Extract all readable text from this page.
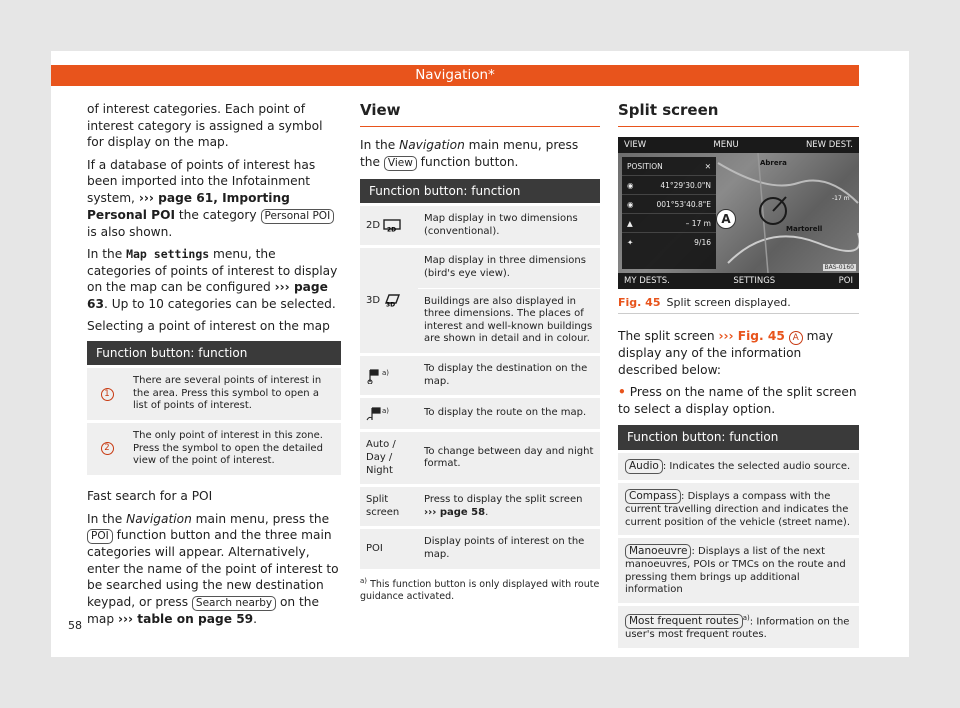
Navigation*

of interest categories. Each point of interest category is assigned a symbol for display on the map.

If a database of points of interest has been imported into the Infotainment system, ››› page 61, Importing Personal POI the category Personal POI is also shown.

In the Map settings menu, the categories of points of interest to display on the map can be configured ››› page 63. Up to 10 categories can be selected.

Selecting a point of interest on the map
Function button: function	
1	There are several points of interest in the area. Press this symbol to open a list of points of interest.
2	The only point of interest in this zone. Press the symbol to open the detailed view of the point of interest.
Fast search for a POI

In the Navigation main menu, press the POI function button and the three main categories will appear. Alternatively, enter the name of the point of interest to be searched using the new destination keypad, or press Search nearby on the map ››› table on page 59.

View

In the Navigation main menu, press the View function button.

Function button: function	
2D 2D	Map display in two dimensions (conventional).
3D 3D	Map display in three dimensions (bird's eye view).
	Buildings are also displayed in three dimensions. The places of interest and well-known buildings are shown in detail and in colour.
$^{a)}$	To display the destination on the map.
$^{a)}$	To display the route on the map.
Auto / Day / Night	To change between day and night format.
Split screen	Press to display the split screen ››› page 58.
POI	Display points of interest on the map.

$^{a)}$ This function button is only displayed with route guidance activated.

Split screen
VIEW	MENU	NEW DEST.
Abrera
Martorell
-17 m
POSITION	✕
◉	41°29'30.0"N
◉	001°53'40.8"E
▲	– 17 m
✦	9/16
A
BAS-0160
MY DESTS.	SETTINGS	POI

Fig. 45 Split screen displayed.

The split screen ››› Fig. 45 A may display any of the information described below:

• Press on the name of the split screen to select a display option.

Function button: function
Audio : Indicates the selected audio source.
Compass : Displays a compass with the current travelling direction and indicates the current position of the vehicle (street name).
Manoeuvre : Displays a list of the next manoeuvres, POIs or TMCs on the route and pressing them brings up additional information
Most frequent routes $^{a)}$: Information on the user's most frequent routes.
58
